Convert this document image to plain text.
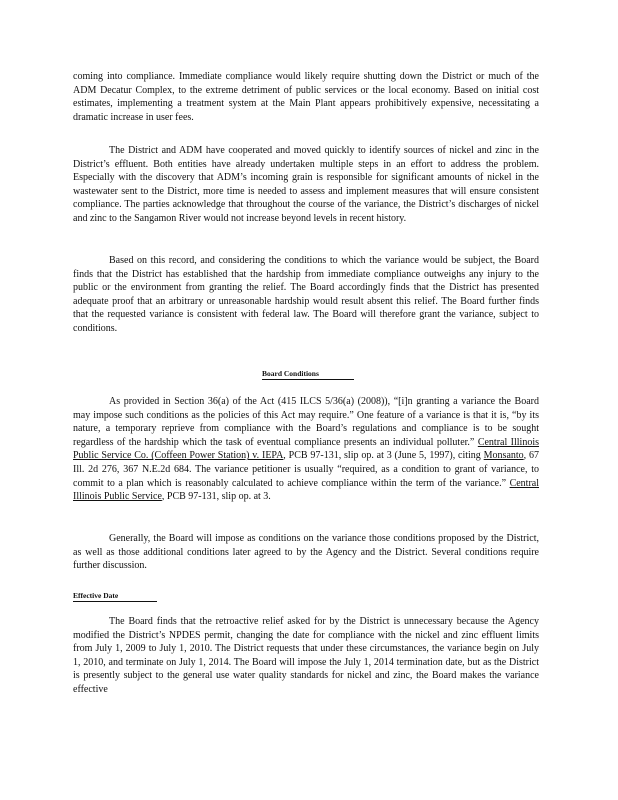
coming into compliance. Immediate compliance would likely require shutting down the District or much of the ADM Decatur Complex, to the extreme detriment of public services or the local economy. Based on initial cost estimates, implementing a treatment system at the Main Plant appears prohibitively expensive, necessitating a dramatic increase in user fees.

The District and ADM have cooperated and moved quickly to identify sources of nickel and zinc in the District’s effluent. Both entities have already undertaken multiple steps in an effort to address the problem. Especially with the discovery that ADM’s incoming grain is responsible for significant amounts of nickel in the wastewater sent to the District, more time is needed to assess and implement measures that will ensure consistent compliance. The parties acknowledge that throughout the course of the variance, the District’s discharges of nickel and zinc to the Sangamon River would not increase beyond levels in recent history.

Based on this record, and considering the conditions to which the variance would be subject, the Board finds that the District has established that the hardship from immediate compliance outweighs any injury to the public or the environment from granting the relief. The Board accordingly finds that the District has presented adequate proof that an arbitrary or unreasonable hardship would result absent this relief. The Board further finds that the requested variance is consistent with federal law. The Board will therefore grant the variance, subject to conditions.

Board Conditions

As provided in Section 36(a) of the Act (415 ILCS 5/36(a) (2008)), “[i]n granting a variance the Board may impose such conditions as the policies of this Act may require.” One feature of a variance is that it is, “by its nature, a temporary reprieve from compliance with the Board’s regulations and compliance is to be sought regardless of the hardship which the task of eventual compliance presents an individual polluter.” Central Illinois Public Service Co. (Coffeen Power Station) v. IEPA, PCB 97-131, slip op. at 3 (June 5, 1997), citing Monsanto, 67 Ill. 2d 276, 367 N.E.2d 684. The variance petitioner is usually “required, as a condition to grant of variance, to commit to a plan which is reasonably calculated to achieve compliance within the term of the variance.” Central Illinois Public Service, PCB 97-131, slip op. at 3.

Generally, the Board will impose as conditions on the variance those conditions proposed by the District, as well as those additional conditions later agreed to by the Agency and the District. Several conditions require further discussion.

Effective Date

The Board finds that the retroactive relief asked for by the District is unnecessary because the Agency modified the District’s NPDES permit, changing the date for compliance with the nickel and zinc effluent limits from July 1, 2009 to July 1, 2010. The District requests that under these circumstances, the variance begin on July 1, 2010, and terminate on July 1, 2014. The Board will impose the July 1, 2014 termination date, but as the District is presently subject to the general use water quality standards for nickel and zinc, the Board makes the variance effective
